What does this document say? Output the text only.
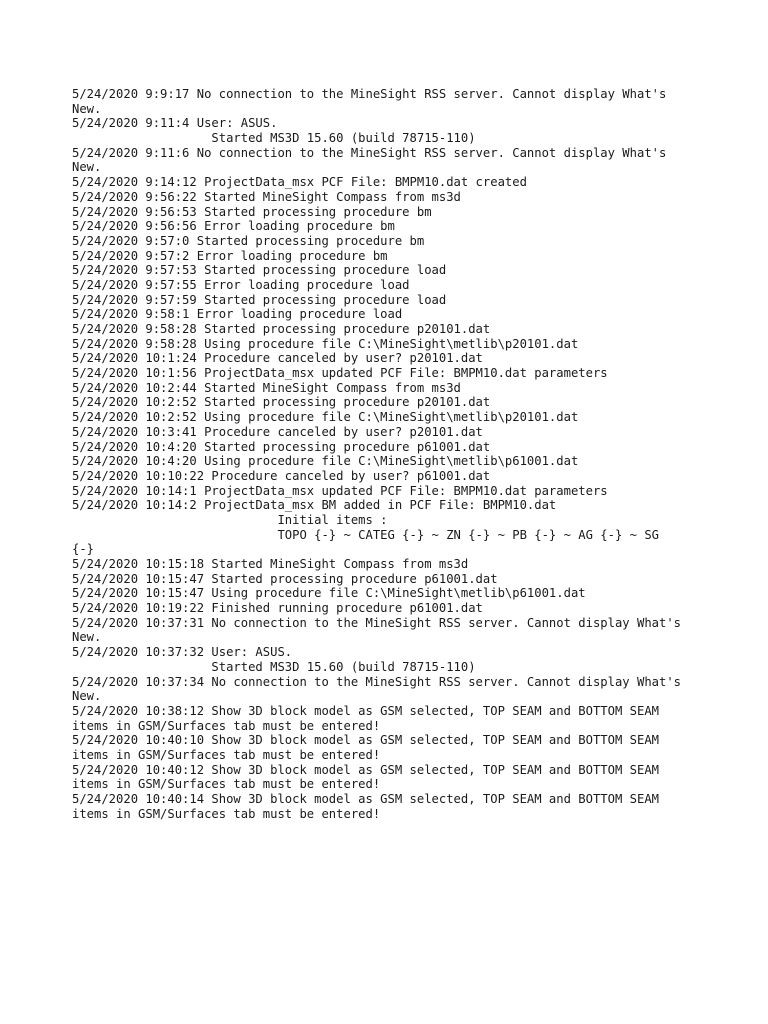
5/24/2020 9:9:17 No connection to the MineSight RSS server. Cannot display What's
New.
5/24/2020 9:11:4 User: ASUS.
Started MS3D 15.60 (build 78715-110)
5/24/2020 9:11:6 No connection to the MineSight RSS server. Cannot display What's
New.
5/24/2020 9:14:12 ProjectData_msx PCF File: BMPM10.dat created
5/24/2020 9:56:22 Started MineSight Compass from ms3d
5/24/2020 9:56:53 Started processing procedure bm
5/24/2020 9:56:56 Error loading procedure bm
5/24/2020 9:57:0 Started processing procedure bm
5/24/2020 9:57:2 Error loading procedure bm
5/24/2020 9:57:53 Started processing procedure load
5/24/2020 9:57:55 Error loading procedure load
5/24/2020 9:57:59 Started processing procedure load
5/24/2020 9:58:1 Error loading procedure load
5/24/2020 9:58:28 Started processing procedure p20101.dat
5/24/2020 9:58:28 Using procedure file C:\MineSight\metlib\p20101.dat
5/24/2020 10:1:24 Procedure canceled by user? p20101.dat
5/24/2020 10:1:56 ProjectData_msx updated PCF File: BMPM10.dat parameters
5/24/2020 10:2:44 Started MineSight Compass from ms3d
5/24/2020 10:2:52 Started processing procedure p20101.dat
5/24/2020 10:2:52 Using procedure file C:\MineSight\metlib\p20101.dat
5/24/2020 10:3:41 Procedure canceled by user? p20101.dat
5/24/2020 10:4:20 Started processing procedure p61001.dat
5/24/2020 10:4:20 Using procedure file C:\MineSight\metlib\p61001.dat
5/24/2020 10:10:22 Procedure canceled by user? p61001.dat
5/24/2020 10:14:1 ProjectData_msx updated PCF File: BMPM10.dat parameters
5/24/2020 10:14:2 ProjectData_msx BM added in PCF File: BMPM10.dat
Initial items :
TOPO {-} ~ CATEG {-} ~ ZN {-} ~ PB {-} ~ AG {-} ~ SG
{-}
5/24/2020 10:15:18 Started MineSight Compass from ms3d
5/24/2020 10:15:47 Started processing procedure p61001.dat
5/24/2020 10:15:47 Using procedure file C:\MineSight\metlib\p61001.dat
5/24/2020 10:19:22 Finished running procedure p61001.dat
5/24/2020 10:37:31 No connection to the MineSight RSS server. Cannot display What's
New.
5/24/2020 10:37:32 User: ASUS.
Started MS3D 15.60 (build 78715-110)
5/24/2020 10:37:34 No connection to the MineSight RSS server. Cannot display What's
New.
5/24/2020 10:38:12 Show 3D block model as GSM selected, TOP SEAM and BOTTOM SEAM
items in GSM/Surfaces tab must be entered!
5/24/2020 10:40:10 Show 3D block model as GSM selected, TOP SEAM and BOTTOM SEAM
items in GSM/Surfaces tab must be entered!
5/24/2020 10:40:12 Show 3D block model as GSM selected, TOP SEAM and BOTTOM SEAM
items in GSM/Surfaces tab must be entered!
5/24/2020 10:40:14 Show 3D block model as GSM selected, TOP SEAM and BOTTOM SEAM
items in GSM/Surfaces tab must be entered!
